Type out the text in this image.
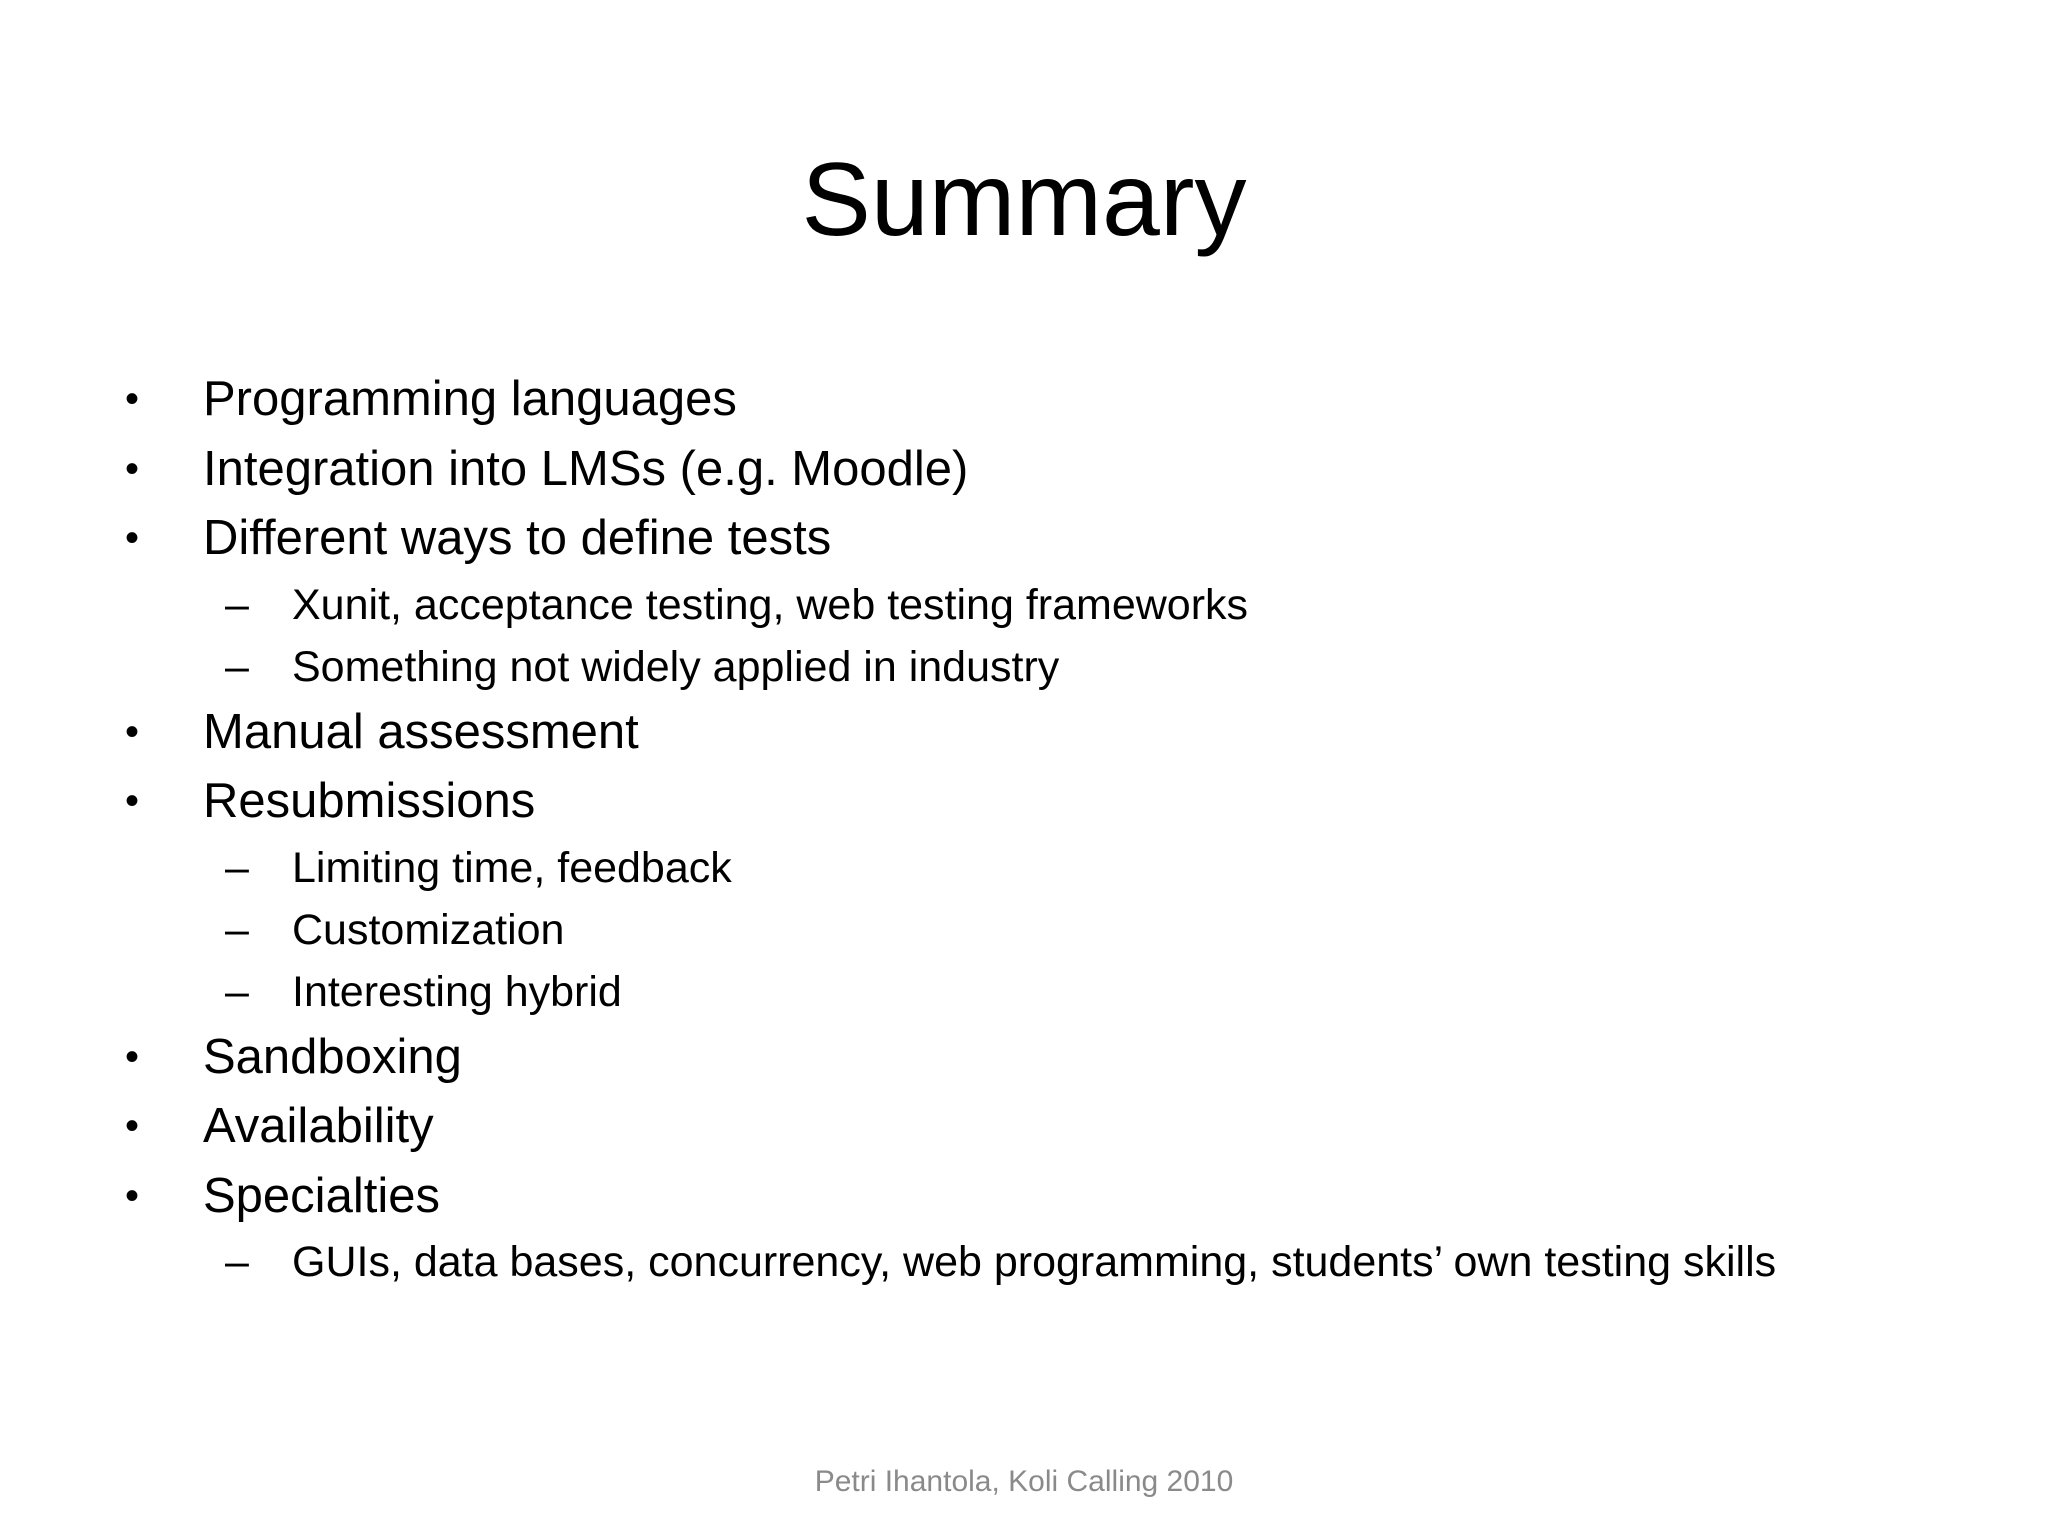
Summary
• Programming languages
• Integration into LMSs (e.g. Moodle)
• Different ways to define tests
– Xunit, acceptance testing, web testing frameworks
– Something not widely applied in industry
• Manual assessment
• Resubmissions
– Limiting time, feedback
– Customization
– Interesting hybrid
• Sandboxing
• Availability
• Specialties
– GUIs, data bases, concurrency, web programming, students’ own testing skills
Petri Ihantola, Koli Calling 2010
